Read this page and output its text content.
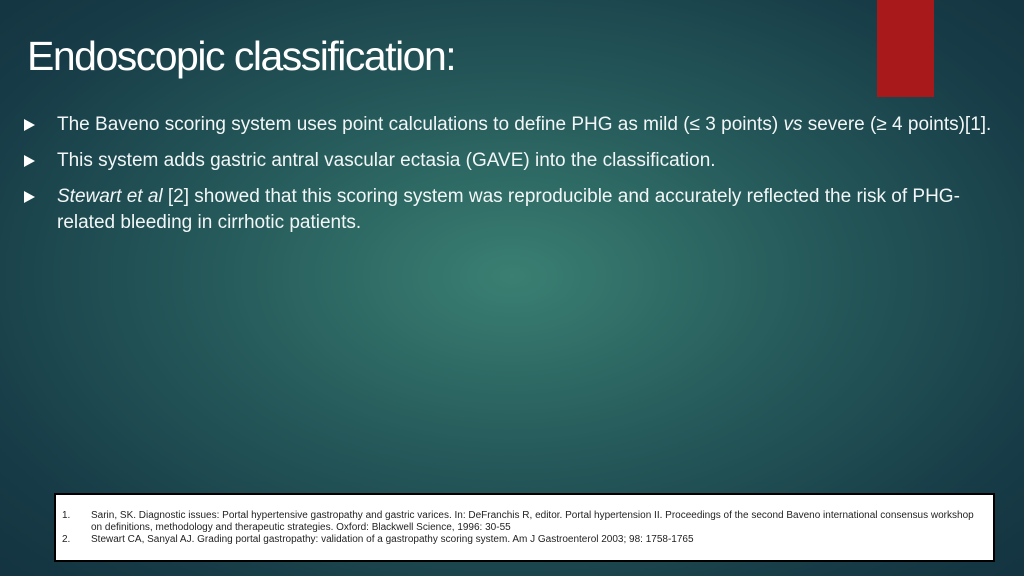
Endoscopic classification:
The Baveno scoring system uses point calculations to define PHG as mild (≤ 3 points) vs severe (≥ 4 points)[1].
This system adds gastric antral vascular ectasia (GAVE) into the classification.
Stewart et al [2] showed that this scoring system was reproducible and accurately reflected the risk of PHG-related bleeding in cirrhotic patients.
1. Sarin, SK. Diagnostic issues: Portal hypertensive gastropathy and gastric varices. In: DeFranchis R, editor. Portal hypertension II. Proceedings of the second Baveno international consensus workshop on definitions, methodology and therapeutic strategies. Oxford: Blackwell Science, 1996: 30-55
2. Stewart CA, Sanyal AJ. Grading portal gastropathy: validation of a gastropathy scoring system. Am J Gastroenterol 2003; 98: 1758-1765
